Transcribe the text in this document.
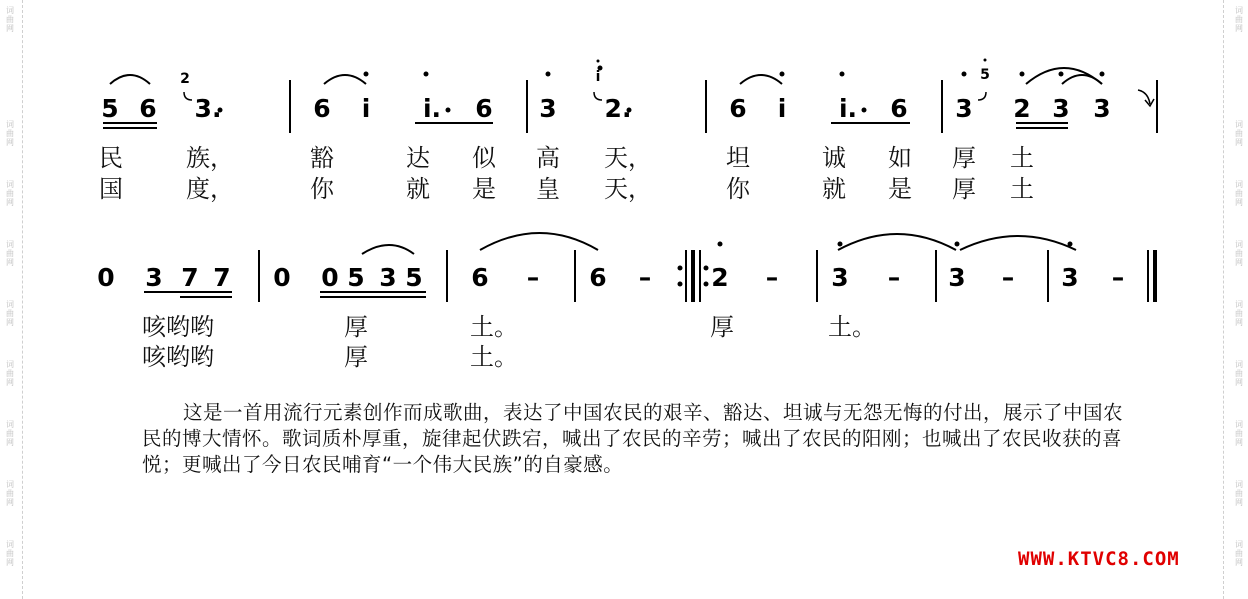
词
曲
网
词
曲
网
词
曲
网
词
曲
网
词
曲
网
词
曲
网
词
曲
网
词
曲
网
词
曲
网
词
曲
网
词
曲
网
词
曲
网
词
曲
网
词
曲
网
词
曲
网
词
曲
网
词
曲
网
词
曲
网
5 6
2
3.	6 i i. 6 3
i
2.	6 i i. 6 3
5
2 3 3
0 3 7 7 0 0 5 3 5 6 – 6 – 2 – 3 – 3 – 3 –
民	族，	豁	达 似 高 天，	坦	诚 如 厚 土
国	度，	你	就 是 皇 天，	你	就 是 厚 土
咳哟哟	厚	土。	厚	土。
咳哟哟	厚	土。
这是一首用流行元素创作而成歌曲，表达了中国农民的艰辛、豁达、坦诚与无怨无悔的付出，展示了中国农民的博大情怀。歌词质朴厚重，旋律起伏跌宕，喊出了农民的辛劳；喊出了农民的阳刚；也喊出了农民收获的喜悦；更喊出了今日农民哺育“一个伟大民族”的自豪感。
WWW.KTVC8.COM
